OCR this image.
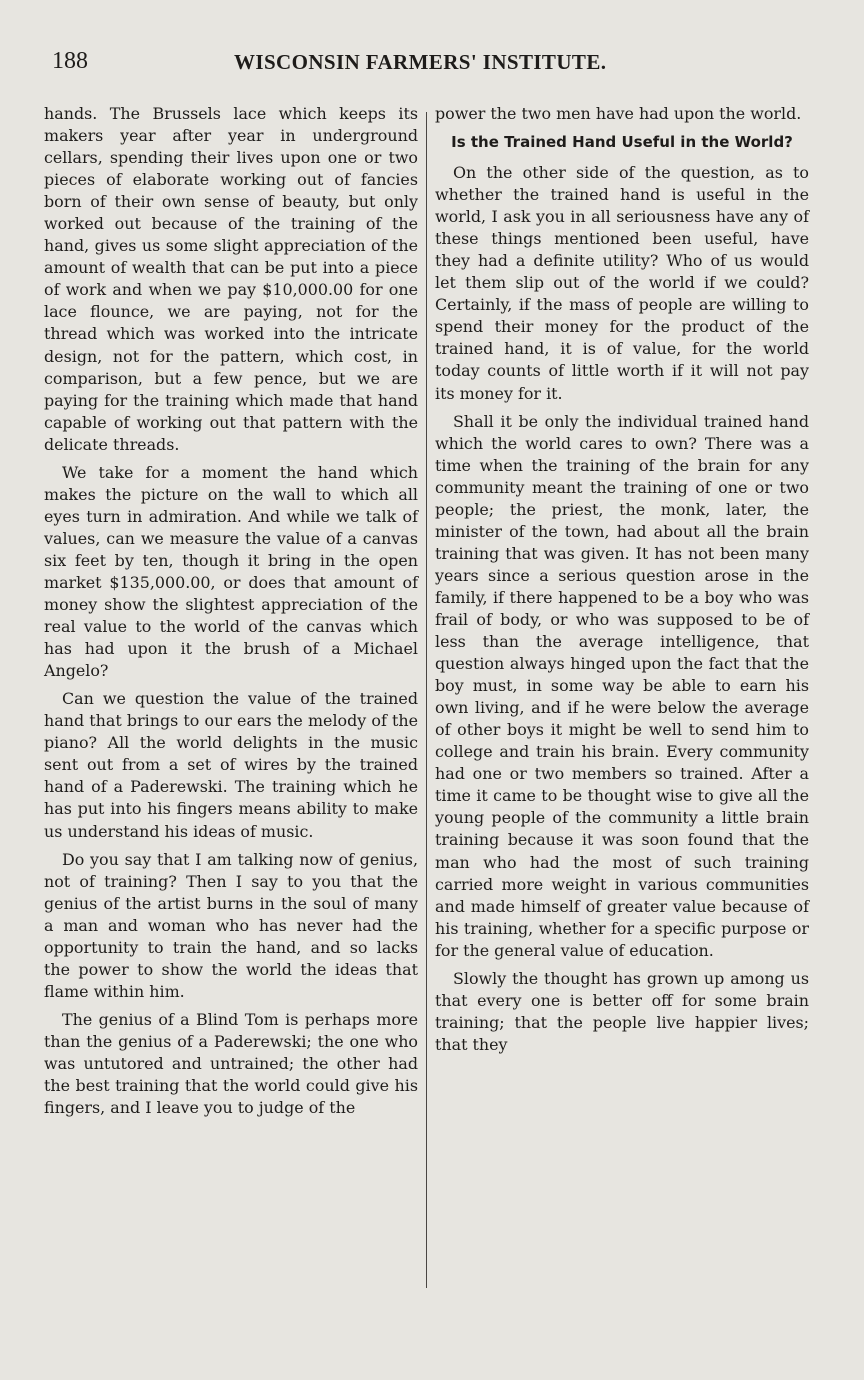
188	WISCONSIN FARMERS' INSTITUTE.

hands. The Brussels lace which keeps its makers year after year in underground cellars, spending their lives upon one or two pieces of elaborate working out of fancies born of their own sense of beauty, but only worked out because of the training of the hand, gives us some slight appreciation of the amount of wealth that can be put into a piece of work and when we pay $10,000.00 for one lace flounce, we are paying, not for the thread which was worked into the intricate design, not for the pattern, which cost, in comparison, but a few pence, but we are paying for the training which made that hand capable of working out that pattern with the delicate threads.

We take for a moment the hand which makes the picture on the wall to which all eyes turn in admiration. And while we talk of values, can we measure the value of a canvas six feet by ten, though it bring in the open market $135,000.00, or does that amount of money show the slightest appreciation of the real value to the world of the canvas which has had upon it the brush of a Michael Angelo?

Can we question the value of the trained hand that brings to our ears the melody of the piano? All the world delights in the music sent out from a set of wires by the trained hand of a Paderewski. The training which he has put into his fingers means ability to make us understand his ideas of music.

Do you say that I am talking now of genius, not of training? Then I say to you that the genius of the artist burns in the soul of many a man and woman who has never had the opportunity to train the hand, and so lacks the power to show the world the ideas that flame within him.

The genius of a Blind Tom is perhaps more than the genius of a Paderewski; the one who was untutored and untrained; the other had the best training that the world could give his fingers, and I leave you to judge of the

power the two men have had upon the world.

Is the Trained Hand Useful in the World?

On the other side of the question, as to whether the trained hand is useful in the world, I ask you in all seriousness have any of these things mentioned been useful, have they had a definite utility? Who of us would let them slip out of the world if we could? Certainly, if the mass of people are willing to spend their money for the product of the trained hand, it is of value, for the world today counts of little worth if it will not pay its money for it.

Shall it be only the individual trained hand which the world cares to own? There was a time when the training of the brain for any community meant the training of one or two people; the priest, the monk, later, the minister of the town, had about all the brain training that was given. It has not been many years since a serious question arose in the family, if there happened to be a boy who was frail of body, or who was supposed to be of less than the average intelligence, that question always hinged upon the fact that the boy must, in some way be able to earn his own living, and if he were below the average of other boys it might be well to send him to college and train his brain. Every community had one or two members so trained. After a time it came to be thought wise to give all the young people of the community a little brain training because it was soon found that the man who had the most of such training carried more weight in various communities and made himself of greater value because of his training, whether for a specific purpose or for the general value of education.

Slowly the thought has grown up among us that every one is better off for some brain training; that the people live happier lives; that they
